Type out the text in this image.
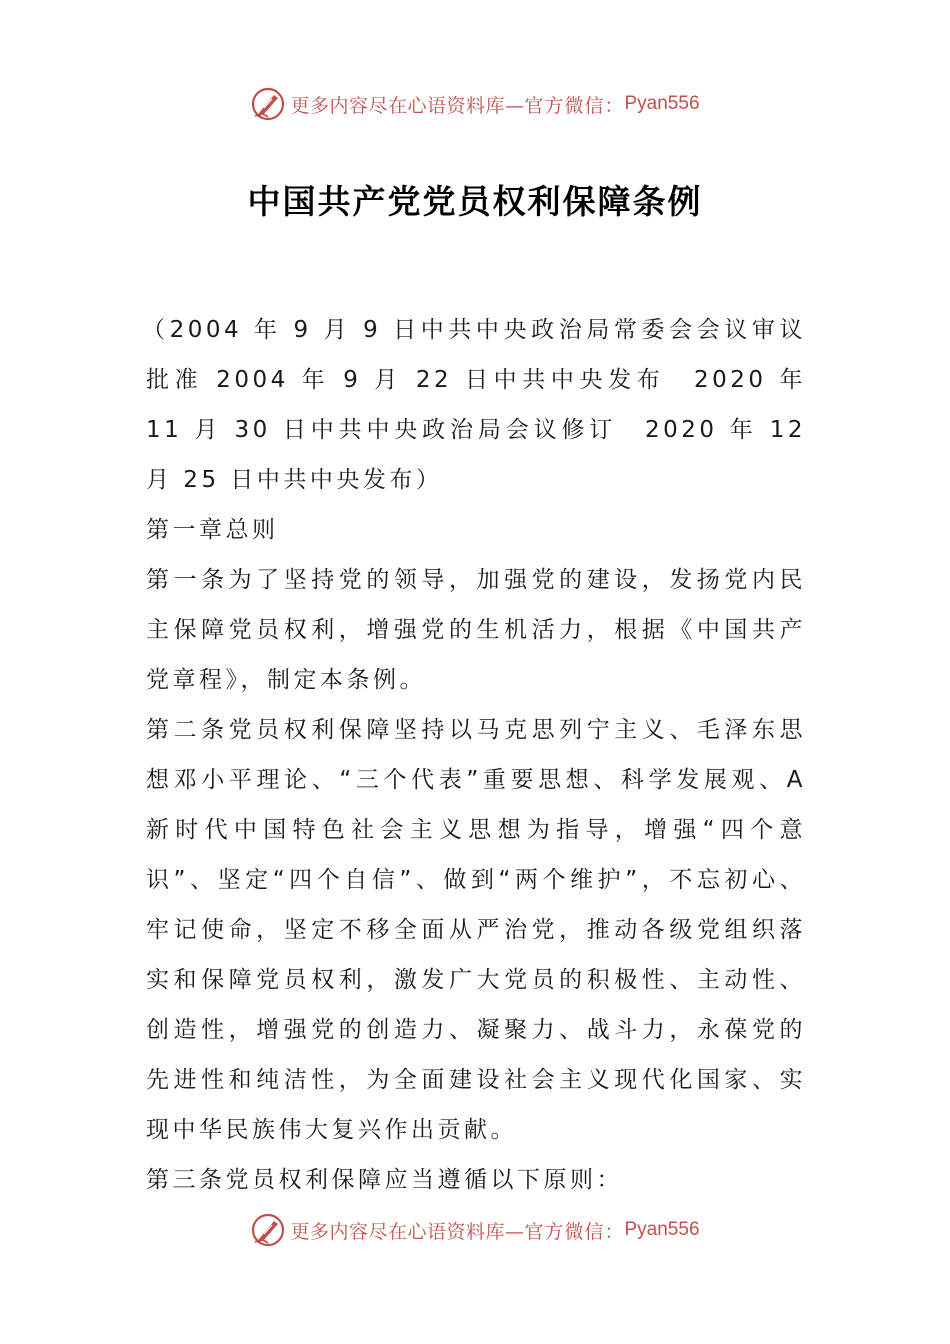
更多内容尽在心语资料库— 官方微信： Pyan556
中国共产党党员权利保障条例

（2004 年 9 月 9 日中共中央政治局常委会会议审议批准 2004 年 9 月 22 日中共中央发布　2020 年 11 月 30 日中共中央政治局会议修订　2020 年 12 月 25 日中共中央发布）

第一章总则

第一条为了坚持党的领导，加强党的建设，发扬党内民主保障党员权利，增强党的生机活力，根据《中国共产党章程》，制定本条例。

第二条党员权利保障坚持以马克思列宁主义、毛泽东思想邓小平理论、“三个代表”重要思想、科学发展观、A 新时代中国特色社会主义思想为指导，增强“四个意识”、坚定“四个自信”、做到“两个维护”，不忘初心、牢记使命，坚定不移全面从严治党，推动各级党组织落实和保障党员权利，激发广大党员的积极性、主动性、创造性，增强党的创造力、凝聚力、战斗力，永葆党的先进性和纯洁性，为全面建设社会主义现代化国家、实现中华民族伟大复兴作出贡献。

第三条党员权利保障应当遵循以下原则：

更多内容尽在心语资料库— 官方微信： Pyan556
